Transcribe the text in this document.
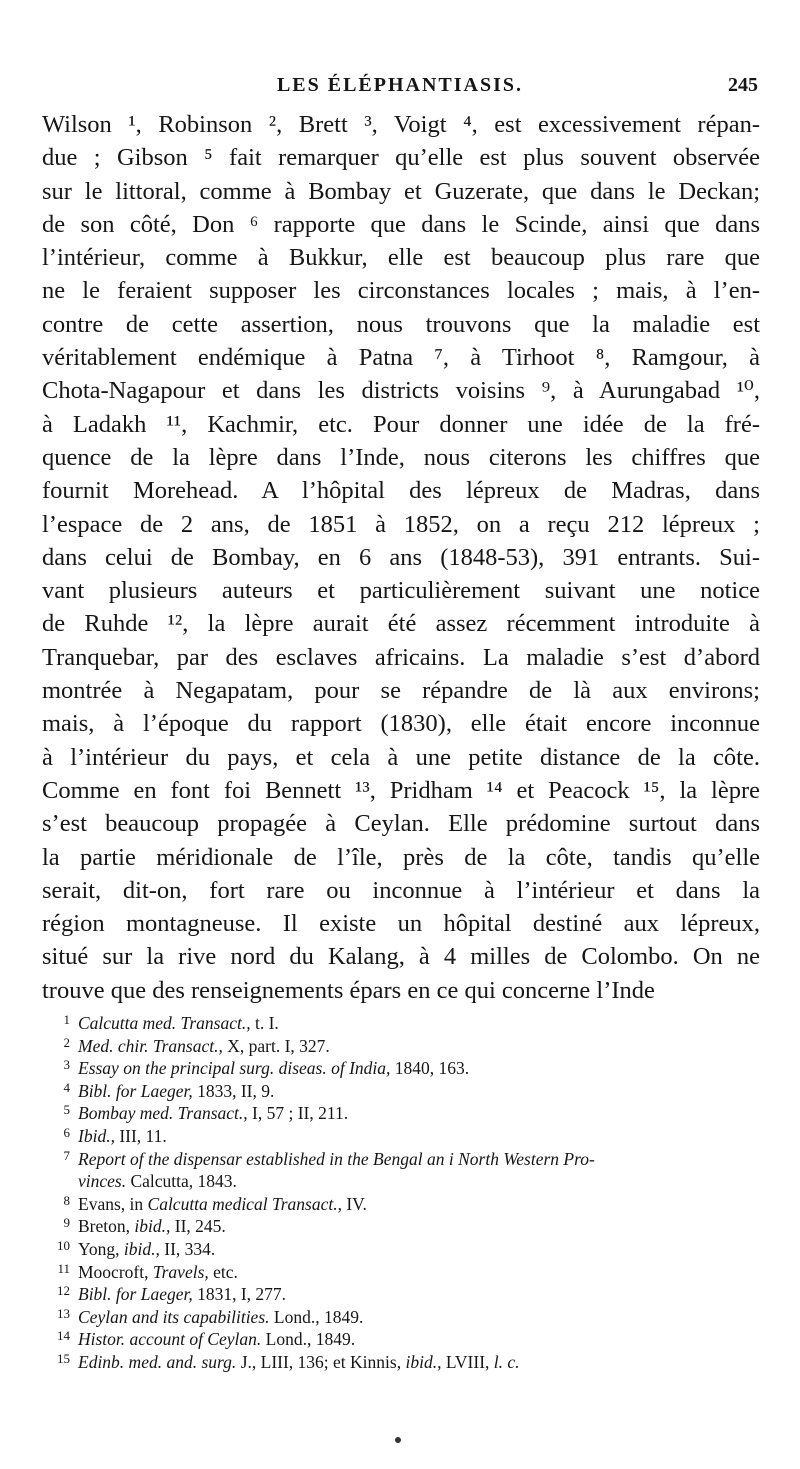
LES ÉLÉPHANTIASIS.	245
Wilson ¹, Robinson ², Brett ³, Voigt ⁴, est excessivement répan-
due ; Gibson ⁵ fait remarquer qu’elle est plus souvent observée
sur le littoral, comme à Bombay et Guzerate, que dans le Deckan;
de son côté, Don ⁶ rapporte que dans le Scinde, ainsi que dans
l’intérieur, comme à Bukkur, elle est beaucoup plus rare que
ne le feraient supposer les circonstances locales ; mais, à l’en-
contre de cette assertion, nous trouvons que la maladie est
véritablement endémique à Patna ⁷, à Tirhoot ⁸, Ramgour, à
Chota-Nagapour et dans les districts voisins ⁹, à Aurungabad ¹⁰,
à Ladakh ¹¹, Kachmir, etc. Pour donner une idée de la fré-
quence de la lèpre dans l’Inde, nous citerons les chiffres que
fournit Morehead. A l’hôpital des lépreux de Madras, dans
l’espace de 2 ans, de 1851 à 1852, on a reçu 212 lépreux ;
dans celui de Bombay, en 6 ans (1848-53), 391 entrants. Sui-
vant plusieurs auteurs et particulièrement suivant une notice
de Ruhde ¹², la lèpre aurait été assez récemment introduite à
Tranquebar, par des esclaves africains. La maladie s’est d’abord
montrée à Negapatam, pour se répandre de là aux environs;
mais, à l’époque du rapport (1830), elle était encore inconnue
à l’intérieur du pays, et cela à une petite distance de la côte.
Comme en font foi Bennett ¹³, Pridham ¹⁴ et Peacock ¹⁵, la lèpre
s’est beaucoup propagée à Ceylan. Elle prédomine surtout dans
la partie méridionale de l’île, près de la côte, tandis qu’elle
serait, dit-on, fort rare ou inconnue à l’intérieur et dans la
région montagneuse. Il existe un hôpital destiné aux lépreux,
situé sur la rive nord du Kalang, à 4 milles de Colombo. On ne
trouve que des renseignements épars en ce qui concerne l’Inde
1 Calcutta med. Transact., t. I.
2 Med. chir. Transact., X, part. I, 327.
3 Essay on the principal surg. diseas. of India, 1840, 163.
4 Bibl. for Laeger, 1833, II, 9.
5 Bombay med. Transact., I, 57 ; II, 211.
6 Ibid., III, 11.
7 Report of the dispensar established in the Bengal an i North Western Pro-
vinces. Calcutta, 1843.
8 Evans, in Calcutta medical Transact., IV.
9 Breton, ibid., II, 245.
10 Yong, ibid., II, 334.
11 Moocroft, Travels, etc.
12 Bibl. for Laeger, 1831, I, 277.
13 Ceylan and its capabilities. Lond., 1849.
14 Histor. account of Ceylan. Lond., 1849.
15 Edinb. med. and. surg. J., LIII, 136; et Kinnis, ibid., LVIII, l. c.
